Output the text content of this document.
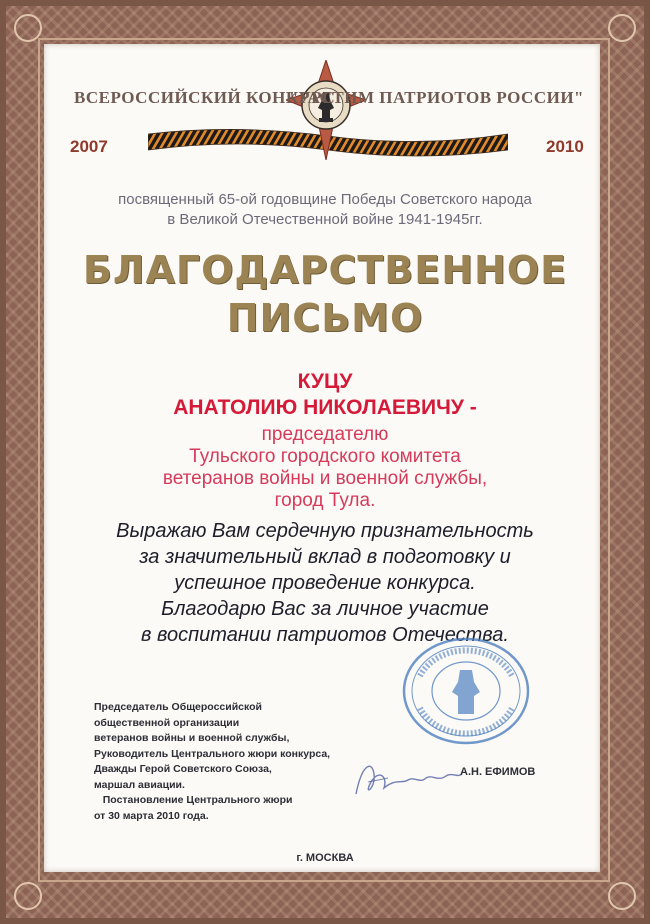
ВСЕРОССИЙСКИЙ КОНКУРС
"РАСТИМ ПАТРИОТОВ РОССИИ"
2007	2010
посвященный 65-ой годовщине Победы Советского народа
в Великой Отечественной войне 1941-1945гг.
БЛАГОДАРСТВЕННОЕ
ПИСЬМО
КУЦУ
АНАТОЛИЮ НИКОЛАЕВИЧУ -
председателю
Тульского городского комитета
ветеранов войны и военной службы,
город Тула.
Выражаю Вам сердечную признательность
за значительный вклад в подготовку и
успешное проведение конкурса.
Благодарю Вас за личное участие
в воспитании патриотов Отечества.
Председатель Общероссийской
общественной организации
ветеранов войны и военной службы,
Руководитель Центрального жюри конкурса,
Дважды Герой Советского Союза,
маршал авиации.
Постановление Центрального жюри
от 30 марта 2010 года.
А.Н. ЕФИМОВ
г. МОСКВА
